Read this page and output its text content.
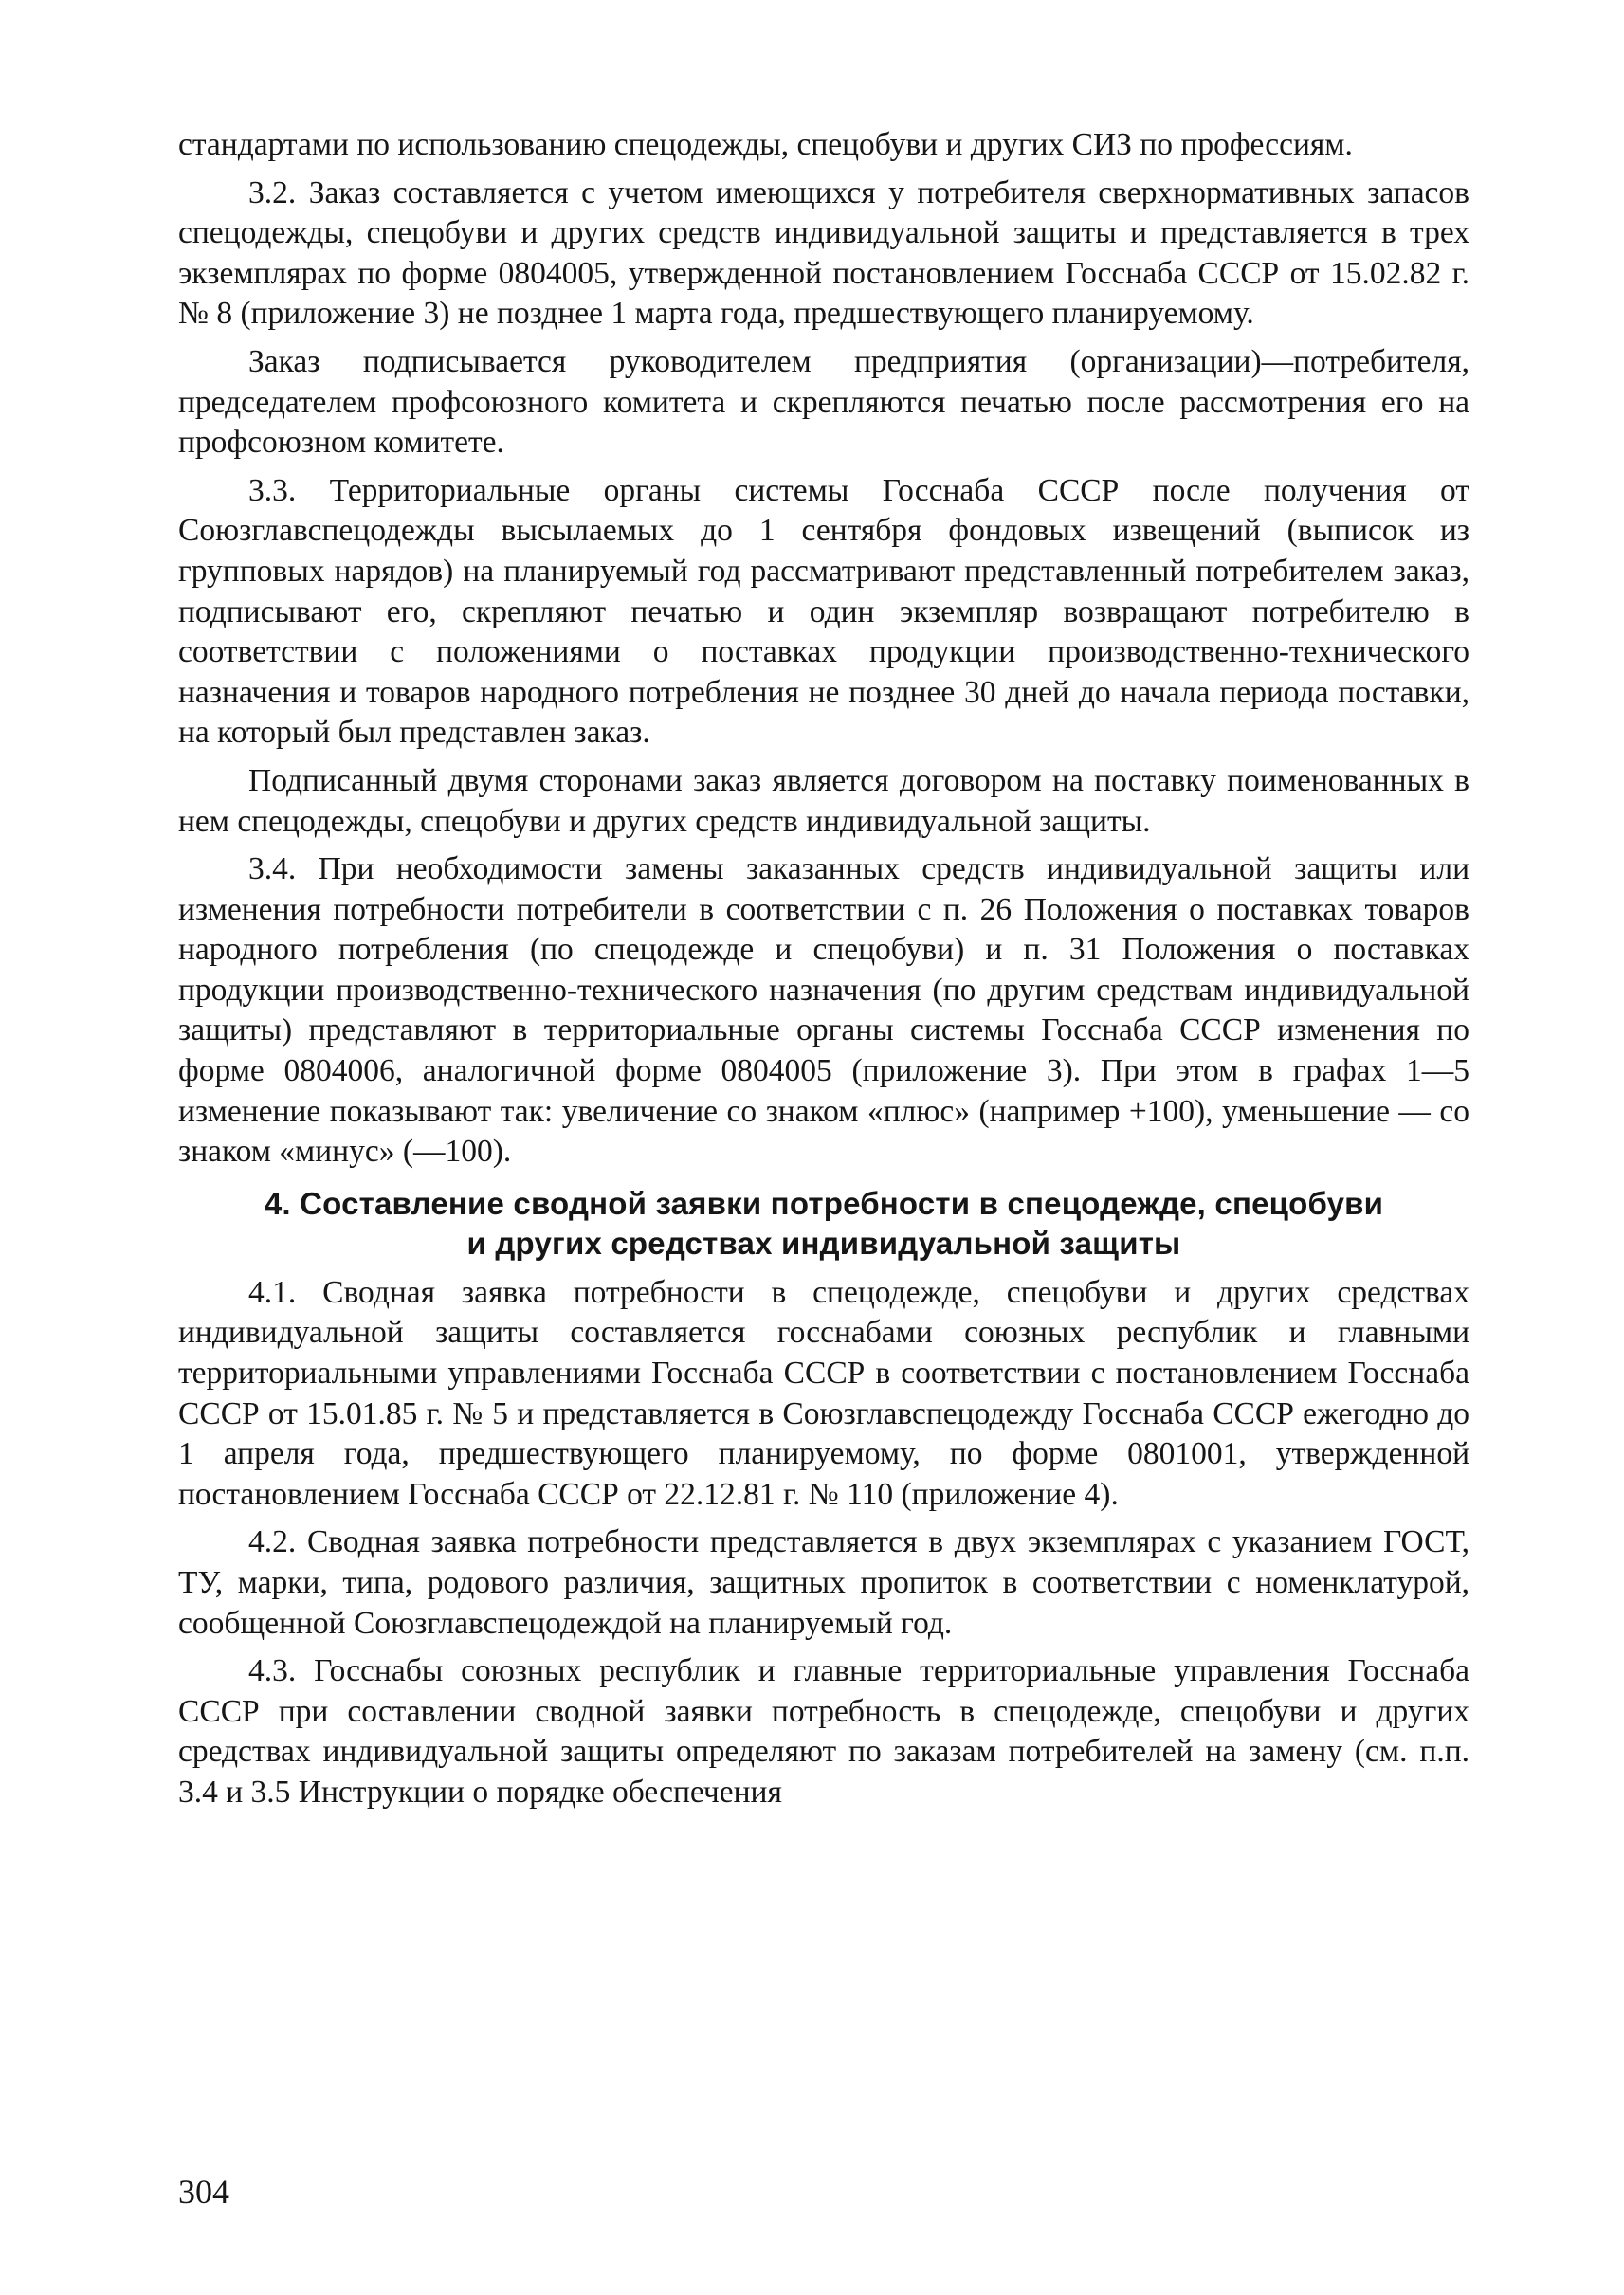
стандартами по использованию спецодежды, спецобуви и других СИЗ по профессиям.

3.2. Заказ составляется с учетом имеющихся у потребителя сверхнормативных запасов спецодежды, спецобуви и других средств индивидуальной защиты и представляется в трех экземплярах по форме 0804005, утвержденной постановлением Госснаба СССР от 15.02.82 г. № 8 (приложение 3) не позднее 1 марта года, предшествующего планируемому.

Заказ подписывается руководителем предприятия (организации)—потребителя, председателем профсоюзного комитета и скрепляются печатью после рассмотрения его на профсоюзном комитете.

3.3. Территориальные органы системы Госснаба СССР после получения от Союзглавспецодежды высылаемых до 1 сентября фондовых извещений (выписок из групповых нарядов) на планируемый год рассматривают представленный потребителем заказ, подписывают его, скрепляют печатью и один экземпляр возвращают потребителю в соответствии с положениями о поставках продукции производственно-технического назначения и товаров народного потребления не позднее 30 дней до начала периода поставки, на который был представлен заказ.

Подписанный двумя сторонами заказ является договором на поставку поименованных в нем спецодежды, спецобуви и других средств индивидуальной защиты.

3.4. При необходимости замены заказанных средств индивидуальной защиты или изменения потребности потребители в соответствии с п. 26 Положения о поставках товаров народного потребления (по спецодежде и спецобуви) и п. 31 Положения о поставках продукции производственно-технического назначения (по другим средствам индивидуальной защиты) представляют в территориальные органы системы Госснаба СССР изменения по форме 0804006, аналогичной форме 0804005 (приложение 3). При этом в графах 1—5 изменение показывают так: увеличение со знаком «плюс» (например +100), уменьшение — со знаком «минус» (—100).

4. Составление сводной заявки потребности в спецодежде, спецобуви
и других средствах индивидуальной защиты

4.1. Сводная заявка потребности в спецодежде, спецобуви и других средствах индивидуальной защиты составляется госснабами союзных республик и главными территориальными управлениями Госснаба СССР в соответствии с постановлением Госснаба СССР от 15.01.85 г. № 5 и представляется в Союзглавспецодежду Госснаба СССР ежегодно до 1 апреля года, предшествующего планируемому, по форме 0801001, утвержденной постановлением Госснаба СССР от 22.12.81 г. № 110 (приложение 4).

4.2. Сводная заявка потребности представляется в двух экземплярах с указанием ГОСТ, ТУ, марки, типа, родового различия, защитных пропиток в соответствии с номенклатурой, сообщенной Союзглавспецодеждой на планируемый год.

4.3. Госснабы союзных республик и главные территориальные управления Госснаба СССР при составлении сводной заявки потребность в спецодежде, спецобуви и других средствах индивидуальной защиты определяют по заказам потребителей на замену (см. п.п. 3.4 и 3.5 Инструкции о порядке обеспечения

304
